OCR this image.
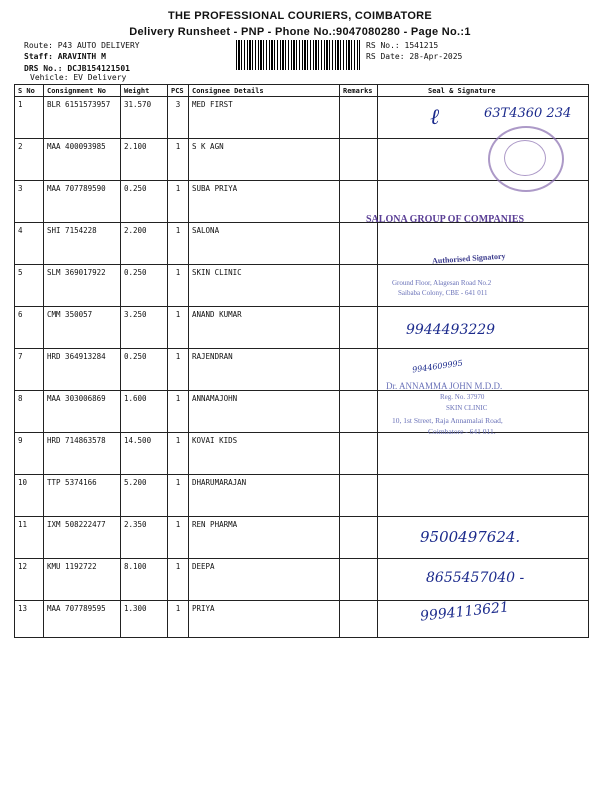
THE PROFESSIONAL COURIERS, COIMBATORE
Delivery Runsheet - PNP - Phone No.:9047080280 - Page No.:1
Route: P43 AUTO DELIVERY
Staff: ARAVINTH M
DRS No.: DCJB154121501
Vehicle: EV Delivery
RS No.: 1541215
RS Date: 28-Apr-2025
S No	Consignment No	Weight	PCS	Consignee Details	Remarks	Seal & Signature
1	BLR 6151573957	31.570	3	MED FIRST		
2	MAA 400093985	2.100	1	S K AGN		
3	MAA 707789590	0.250	1	SUBA PRIYA		
4	SHI 7154228	2.200	1	SALONA		
5	SLM 369017922	0.250	1	SKIN CLINIC		
6	CMM 350057	3.250	1	ANAND KUMAR		
7	HRD 364913284	0.250	1	RAJENDRAN		
8	MAA 303006869	1.600	1	ANNAMAJOHN		
9	HRD 714863578	14.500	1	KOVAI KIDS		
10	TTP 5374166	5.200	1	DHARUMARAJAN		
11	IXM 508222477	2.350	1	REN PHARMA		
12	KMU 1192722	8.100	1	DEEPA		
13	MAA 707789595	1.300	1	PRIYA		
63T4360 234
ℓ
SALONA GROUP OF COMPANIES
Authorised Signatory
Ground Floor, Alagesan Road No.2
Saibaba Colony, CBE - 641 011
9944493229
9944609995
Dr. ANNAMMA JOHN M.D.D.
Reg. No. 37970
SKIN CLINIC
10, 1st Street, Raja Annamalai Road,
Coimbatore - 641 011.
9500497624.
8655457040 -
9994113621
